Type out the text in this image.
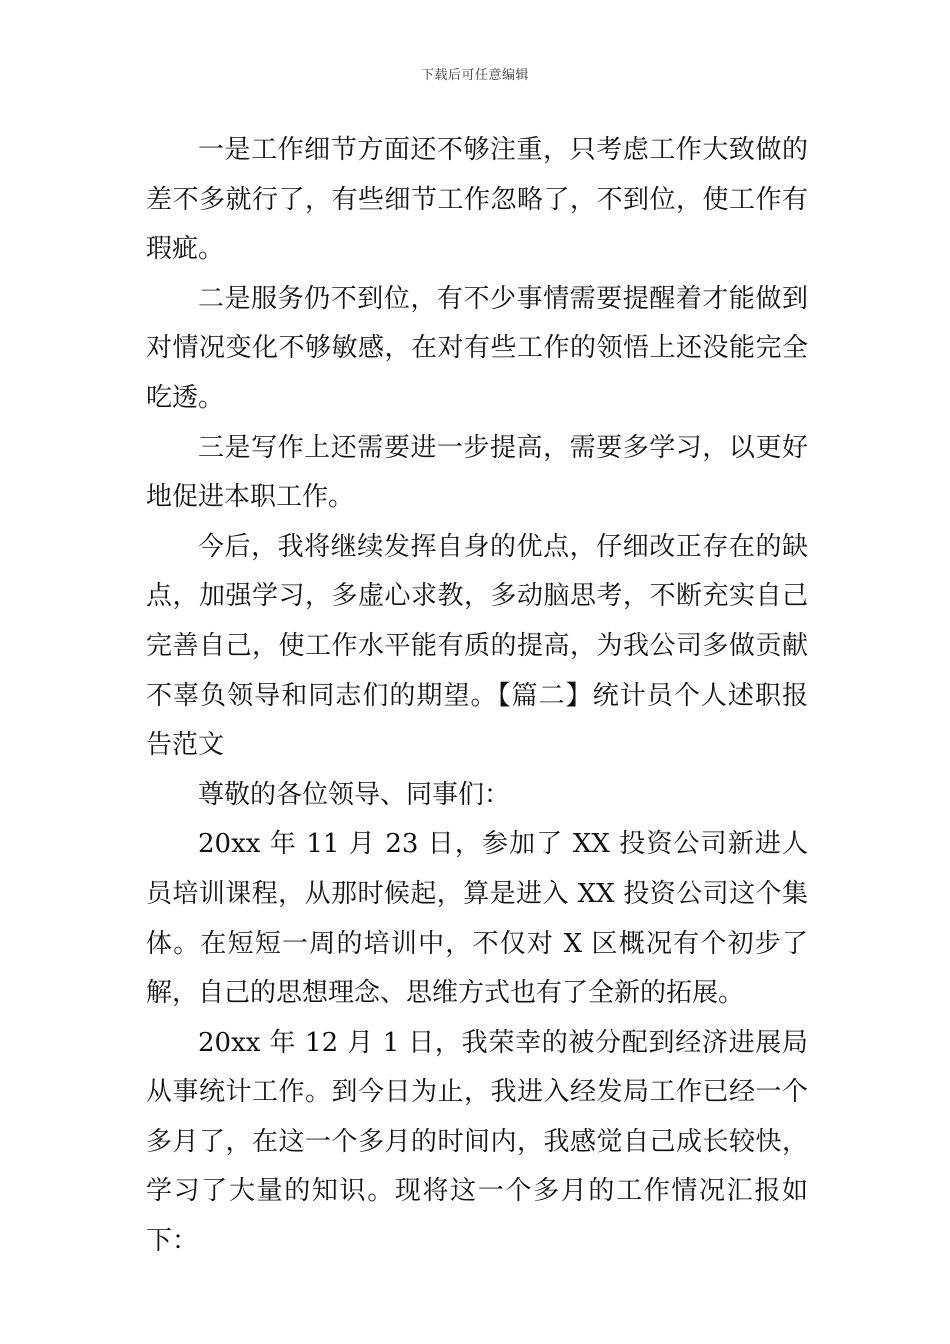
下载后可任意编辑

一是工作细节方面还不够注重，只考虑工作大致做的差不多就行了，有些细节工作忽略了，不到位，使工作有瑕疵。

二是服务仍不到位，有不少事情需要提醒着才能做到对情况变化不够敏感，在对有些工作的领悟上还没能完全吃透。

三是写作上还需要进一步提高，需要多学习，以更好地促进本职工作。

今后，我将继续发挥自身的优点，仔细改正存在的缺点，加强学习，多虚心求教，多动脑思考，不断充实自己完善自己，使工作水平能有质的提高，为我公司多做贡献不辜负领导和同志们的期望。【篇二】统计员个人述职报告范文

尊敬的各位领导、同事们：

20xx 年 11 月 23 日，参加了 XX 投资公司新进人员培训课程，从那时候起，算是进入 XX 投资公司这个集体。在短短一周的培训中，不仅对 X 区概况有个初步了解，自己的思想理念、思维方式也有了全新的拓展。

20xx 年 12 月 1 日，我荣幸的被分配到经济进展局从事统计工作。到今日为止，我进入经发局工作已经一个多月了，在这一个多月的时间内，我感觉自己成长较快，学习了大量的知识。现将这一个多月的工作情况汇报如下：
